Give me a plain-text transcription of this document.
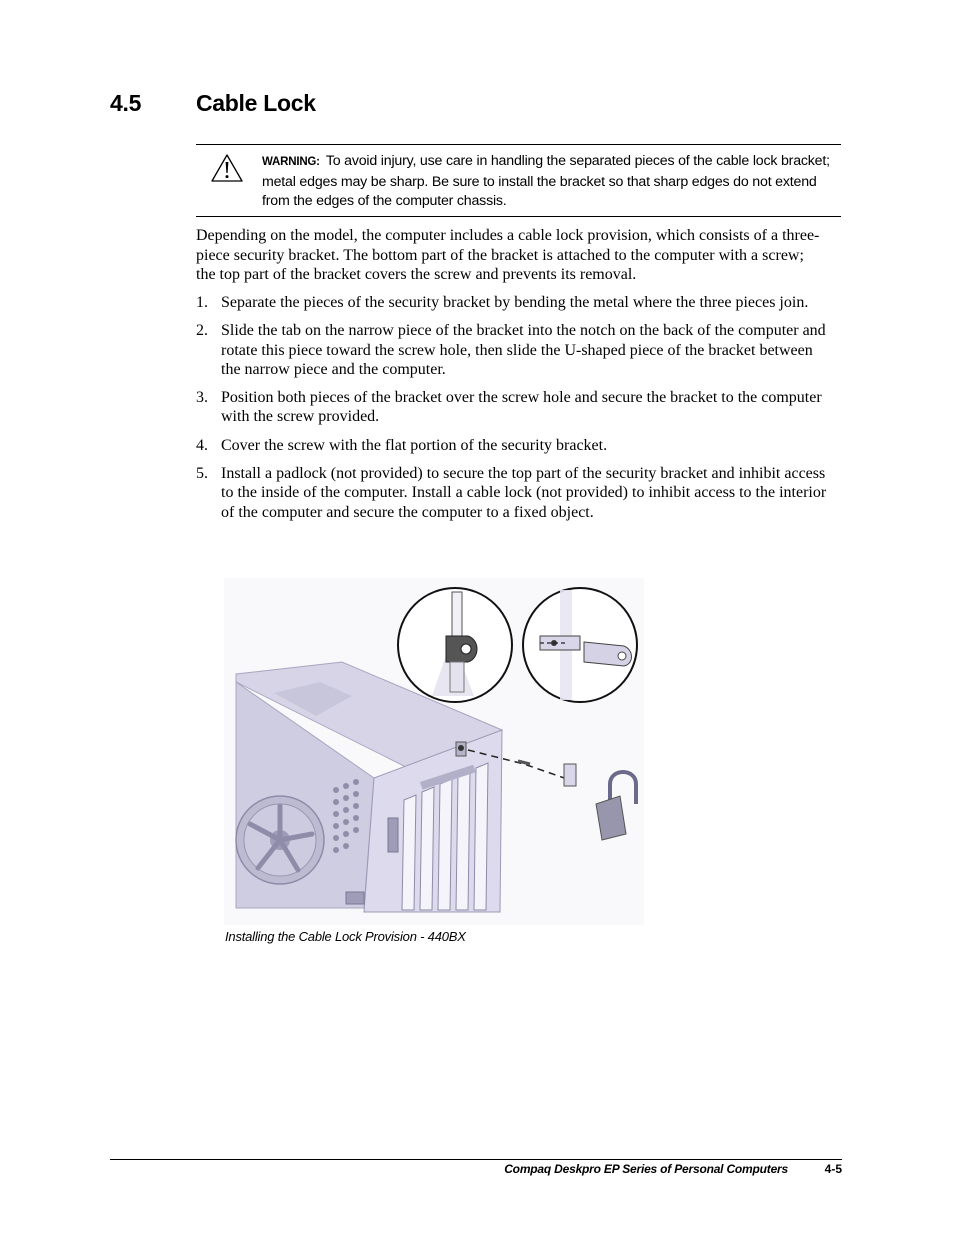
4.5 Cable Lock
WARNING: To avoid injury, use care in handling the separated pieces of the cable lock bracket; metal edges may be sharp. Be sure to install the bracket so that sharp edges do not extend from the edges of the computer chassis.
Depending on the model, the computer includes a cable lock provision, which consists of a three-piece security bracket. The bottom part of the bracket is attached to the computer with a screw; the top part of the bracket covers the screw and prevents its removal.
1. Separate the pieces of the security bracket by bending the metal where the three pieces join.
2. Slide the tab on the narrow piece of the bracket into the notch on the back of the computer and rotate this piece toward the screw hole, then slide the U-shaped piece of the bracket between the narrow piece and the computer.
3. Position both pieces of the bracket over the screw hole and secure the bracket to the computer with the screw provided.
4. Cover the screw with the flat portion of the security bracket.
5. Install a padlock (not provided) to secure the top part of the security bracket and inhibit access to the inside of the computer. Install a cable lock (not provided) to inhibit access to the interior of the computer and secure the computer to a fixed object.
Installing the Cable Lock Provision - 440BX
Compaq Deskpro EP Series of Personal Computers	4-5
